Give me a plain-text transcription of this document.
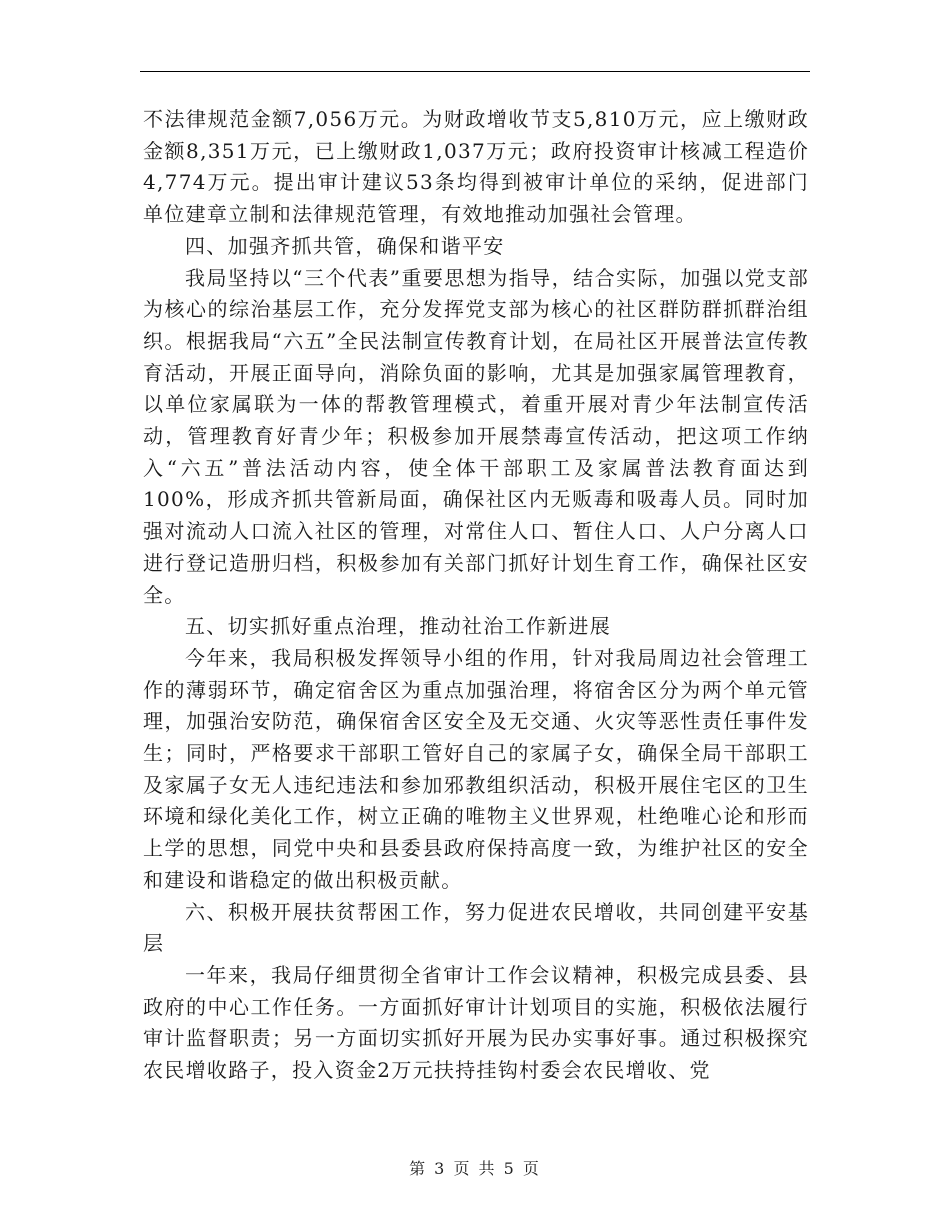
不法律规范金额7,056万元。为财政增收节支5,810万元，应上缴财政金额8,351万元，已上缴财政1,037万元；政府投资审计核减工程造价4,774万元。提出审计建议53条均得到被审计单位的采纳，促进部门单位建章立制和法律规范管理，有效地推动加强社会管理。

四、加强齐抓共管，确保和谐平安

我局坚持以“三个代表”重要思想为指导，结合实际，加强以党支部为核心的综治基层工作，充分发挥党支部为核心的社区群防群抓群治组织。根据我局“六五”全民法制宣传教育计划，在局社区开展普法宣传教育活动，开展正面导向，消除负面的影响，尤其是加强家属管理教育，以单位家属联为一体的帮教管理模式，着重开展对青少年法制宣传活动，管理教育好青少年；积极参加开展禁毒宣传活动，把这项工作纳入“六五”普法活动内容，使全体干部职工及家属普法教育面达到100%，形成齐抓共管新局面，确保社区内无贩毒和吸毒人员。同时加强对流动人口流入社区的管理，对常住人口、暂住人口、人户分离人口进行登记造册归档，积极参加有关部门抓好计划生育工作，确保社区安全。

五、切实抓好重点治理，推动社治工作新进展

今年来，我局积极发挥领导小组的作用，针对我局周边社会管理工作的薄弱环节，确定宿舍区为重点加强治理，将宿舍区分为两个单元管理，加强治安防范，确保宿舍区安全及无交通、火灾等恶性责任事件发生；同时，严格要求干部职工管好自己的家属子女，确保全局干部职工及家属子女无人违纪违法和参加邪教组织活动，积极开展住宅区的卫生环境和绿化美化工作，树立正确的唯物主义世界观，杜绝唯心论和形而上学的思想，同党中央和县委县政府保持高度一致，为维护社区的安全和建设和谐稳定的做出积极贡献。

六、积极开展扶贫帮困工作，努力促进农民增收，共同创建平安基层

一年来，我局仔细贯彻全省审计工作会议精神，积极完成县委、县政府的中心工作任务。一方面抓好审计计划项目的实施，积极依法履行审计监督职责；另一方面切实抓好开展为民办实事好事。通过积极探究农民增收路子，投入资金2万元扶持挂钩村委会农民增收、党

第 3 页 共 5 页
